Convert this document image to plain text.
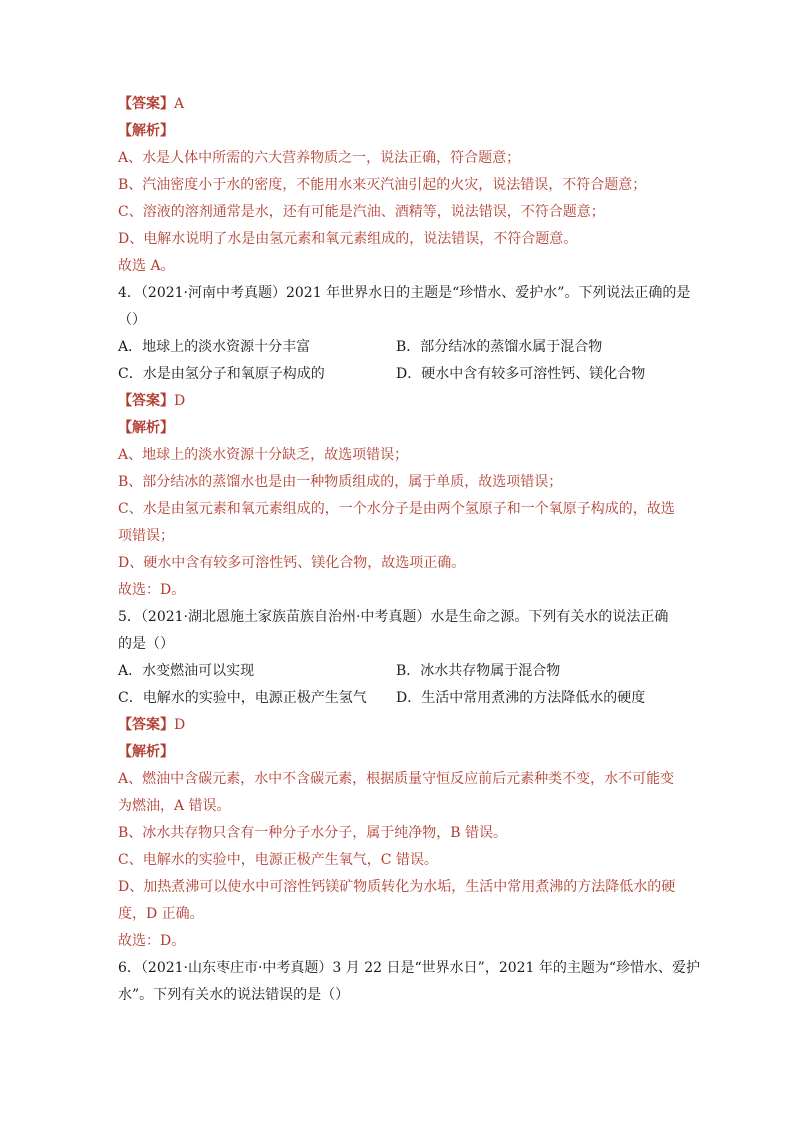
【答案】A
【解析】
A、水是人体中所需的六大营养物质之一，说法正确，符合题意；
B、汽油密度小于水的密度，不能用水来灭汽油引起的火灾，说法错误，不符合题意；
C、溶液的溶剂通常是水，还有可能是汽油、酒精等，说法错误，不符合题意；
D、电解水说明了水是由氢元素和氧元素组成的，说法错误，不符合题意。
故选 A。
4．（2021·河南中考真题）2021 年世界水日的主题是“珍惜水、爱护水”。下列说法正确的是
（）
A．地球上的淡水资源十分丰富	B．部分结冰的蒸馏水属于混合物
C．水是由氢分子和氧原子构成的	D．硬水中含有较多可溶性钙、镁化合物
【答案】D
【解析】
A、地球上的淡水资源十分缺乏，故选项错误；
B、部分结冰的蒸馏水也是由一种物质组成的，属于单质，故选项错误；
C、水是由氢元素和氧元素组成的，一个水分子是由两个氢原子和一个氧原子构成的，故选
项错误；
D、硬水中含有较多可溶性钙、镁化合物，故选项正确。
故选：D。
5．（2021·湖北恩施土家族苗族自治州·中考真题）水是生命之源。下列有关水的说法正确
的是（）
A．水变燃油可以实现	B．冰水共存物属于混合物
C．电解水的实验中，电源正极产生氢气	D．生活中常用煮沸的方法降低水的硬度
【答案】D
【解析】
A、燃油中含碳元素，水中不含碳元素，根据质量守恒反应前后元素种类不变，水不可能变
为燃油，A 错误。
B、冰水共存物只含有一种分子水分子，属于纯净物，B 错误。
C、电解水的实验中，电源正极产生氧气，C 错误。
D、加热煮沸可以使水中可溶性钙镁矿物质转化为水垢，生活中常用煮沸的方法降低水的硬
度，D 正确。
故选：D。
6．（2021·山东枣庄市·中考真题）3 月 22 日是“世界水日”，2021 年的主题为“珍惜水、爱护
水”。下列有关水的说法错误的是（）
